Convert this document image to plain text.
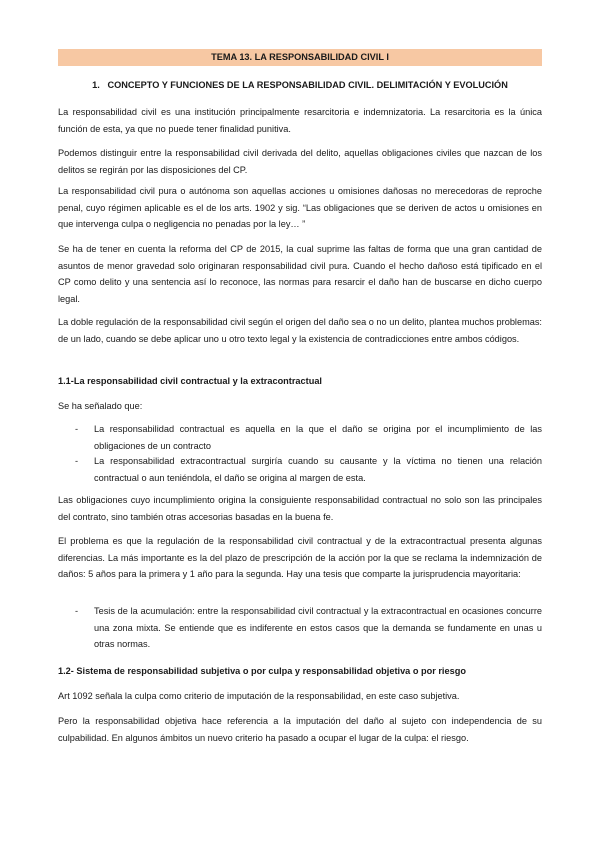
TEMA 13. LA RESPONSABILIDAD CIVIL I
1.   CONCEPTO Y FUNCIONES DE LA RESPONSABILIDAD CIVIL. DELIMITACIÓN Y EVOLUCIÓN

La responsabilidad civil es una institución principalmente resarcitoria e indemnizatoria. La resarcitoria es la única función de esta, ya que no puede tener finalidad punitiva.

Podemos distinguir entre la responsabilidad civil derivada del delito, aquellas obligaciones civiles que nazcan de los delitos se regirán por las disposiciones del CP.

La responsabilidad civil pura o autónoma son aquellas acciones u omisiones dañosas no merecedoras de reproche penal, cuyo régimen aplicable es el de los arts. 1902 y sig. “Las obligaciones que se deriven de actos u omisiones en que intervenga culpa o negligencia no penadas por la ley… ”

Se ha de tener en cuenta la reforma del CP de 2015, la cual suprime las faltas de forma que una gran cantidad de asuntos de menor gravedad solo originaran responsabilidad civil pura. Cuando el hecho dañoso está tipificado en el CP como delito y una sentencia así lo reconoce, las normas para resarcir el daño han de buscarse en dicho cuerpo legal.

La doble regulación de la responsabilidad civil según el origen del daño sea o no un delito, plantea muchos problemas: de un lado, cuando se debe aplicar uno u otro texto legal y la existencia de contradicciones entre ambos códigos.

1.1-La responsabilidad civil contractual y la extracontractual

Se ha señalado que:

- La responsabilidad contractual es aquella en la que el daño se origina por el incumplimiento de las obligaciones de un contracto
- La responsabilidad extracontractual surgiría cuando su causante y la víctima no tienen una relación contractual o aun teniéndola, el daño se origina al margen de esta.

Las obligaciones cuyo incumplimiento origina la consiguiente responsabilidad contractual no solo son las principales del contrato, sino también otras accesorias basadas en la buena fe.

El problema es que la regulación de la responsabilidad civil contractual y de la extracontractual presenta algunas diferencias. La más importante es la del plazo de prescripción de la acción por la que se reclama la indemnización de daños: 5 años para la primera y 1 año para la segunda. Hay una tesis que comparte la jurisprudencia mayoritaria:

- Tesis de la acumulación: entre la responsabilidad civil contractual y la extracontractual en ocasiones concurre una zona mixta. Se entiende que es indiferente en estos casos que la demanda se fundamente en unas u otras normas.
1.2- Sistema de responsabilidad subjetiva o por culpa y responsabilidad objetiva o por riesgo

Art 1092 señala la culpa como criterio de imputación de la responsabilidad, en este caso subjetiva.

Pero la responsabilidad objetiva hace referencia a la imputación del daño al sujeto con independencia de su culpabilidad. En algunos ámbitos un nuevo criterio ha pasado a ocupar el lugar de la culpa: el riesgo.
